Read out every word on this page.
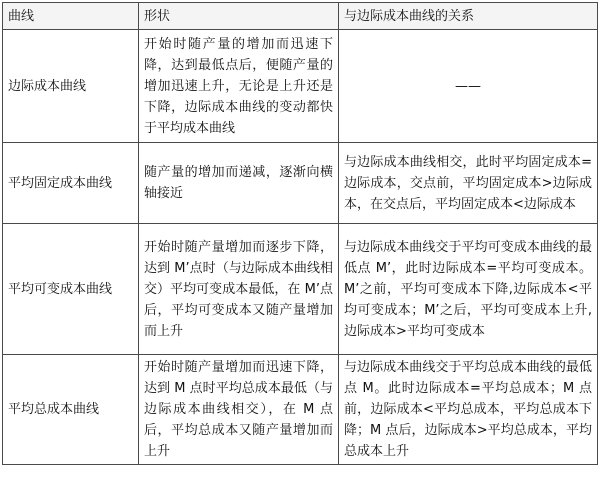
曲线	形状	与边际成本曲线的关系
边际成本曲线	开始时随产量的增加而迅速下降，达到最低点后，便随产量的增加迅速上升，无论是上升还是下降，边际成本曲线的变动都快于平均成本曲线	——
平均固定成本曲线	随产量的增加而递减，逐渐向横轴接近	与边际成本曲线相交，此时平均固定成本=边际成本，交点前，平均固定成本>边际成本，在交点后，平均固定成本<边际成本
平均可变成本曲线	开始时随产量增加而逐步下降，达到 M’点时（与边际成本曲线相交）平均可变成本最低，在 M’点后，平均可变成本又随产量增加而上升	与边际成本曲线交于平均可变成本曲线的最低点 M’，此时边际成本=平均可变成本。M’之前，平均可变成本下降,边际成本<平均可变成本；M’之后，平均可变成本上升,边际成本>平均可变成本
平均总成本曲线	开始时随产量增加而迅速下降，达到 M 点时平均总成本最低（与边际成本曲线相交），在 M 点后，平均总成本又随产量增加而上升	与边际成本曲线交于平均总成本曲线的最低点 M。此时边际成本=平均总成本；M 点前，边际成本<平均总成本，平均总成本下降；M 点后，边际成本>平均总成本，平均总成本上升
